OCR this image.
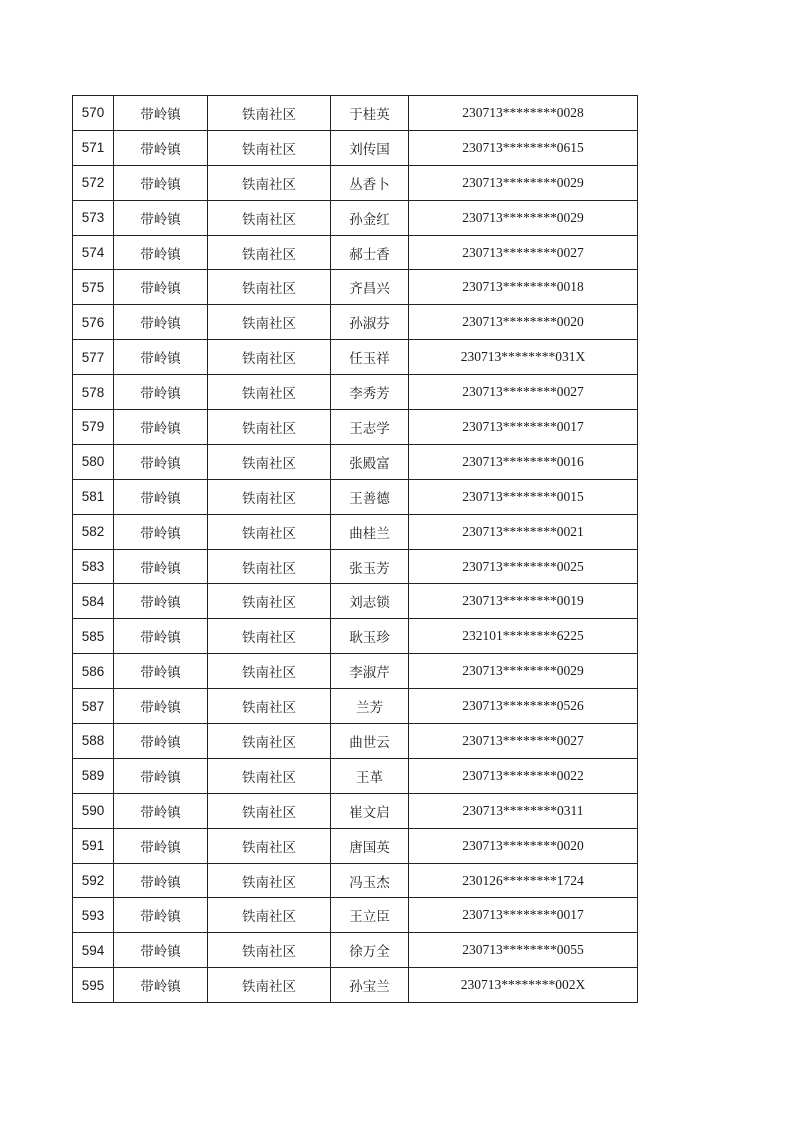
570	带岭镇	铁南社区	于桂英	230713********0028
571	带岭镇	铁南社区	刘传国	230713********0615
572	带岭镇	铁南社区	丛香卜	230713********0029
573	带岭镇	铁南社区	孙金红	230713********0029
574	带岭镇	铁南社区	郝士香	230713********0027
575	带岭镇	铁南社区	齐昌兴	230713********0018
576	带岭镇	铁南社区	孙淑芬	230713********0020
577	带岭镇	铁南社区	任玉祥	230713********031X
578	带岭镇	铁南社区	李秀芳	230713********0027
579	带岭镇	铁南社区	王志学	230713********0017
580	带岭镇	铁南社区	张殿富	230713********0016
581	带岭镇	铁南社区	王善德	230713********0015
582	带岭镇	铁南社区	曲桂兰	230713********0021
583	带岭镇	铁南社区	张玉芳	230713********0025
584	带岭镇	铁南社区	刘志锁	230713********0019
585	带岭镇	铁南社区	耿玉珍	232101********6225
586	带岭镇	铁南社区	李淑芹	230713********0029
587	带岭镇	铁南社区	兰芳	230713********0526
588	带岭镇	铁南社区	曲世云	230713********0027
589	带岭镇	铁南社区	王革	230713********0022
590	带岭镇	铁南社区	崔文启	230713********0311
591	带岭镇	铁南社区	唐国英	230713********0020
592	带岭镇	铁南社区	冯玉杰	230126********1724
593	带岭镇	铁南社区	王立臣	230713********0017
594	带岭镇	铁南社区	徐万全	230713********0055
595	带岭镇	铁南社区	孙宝兰	230713********002X
